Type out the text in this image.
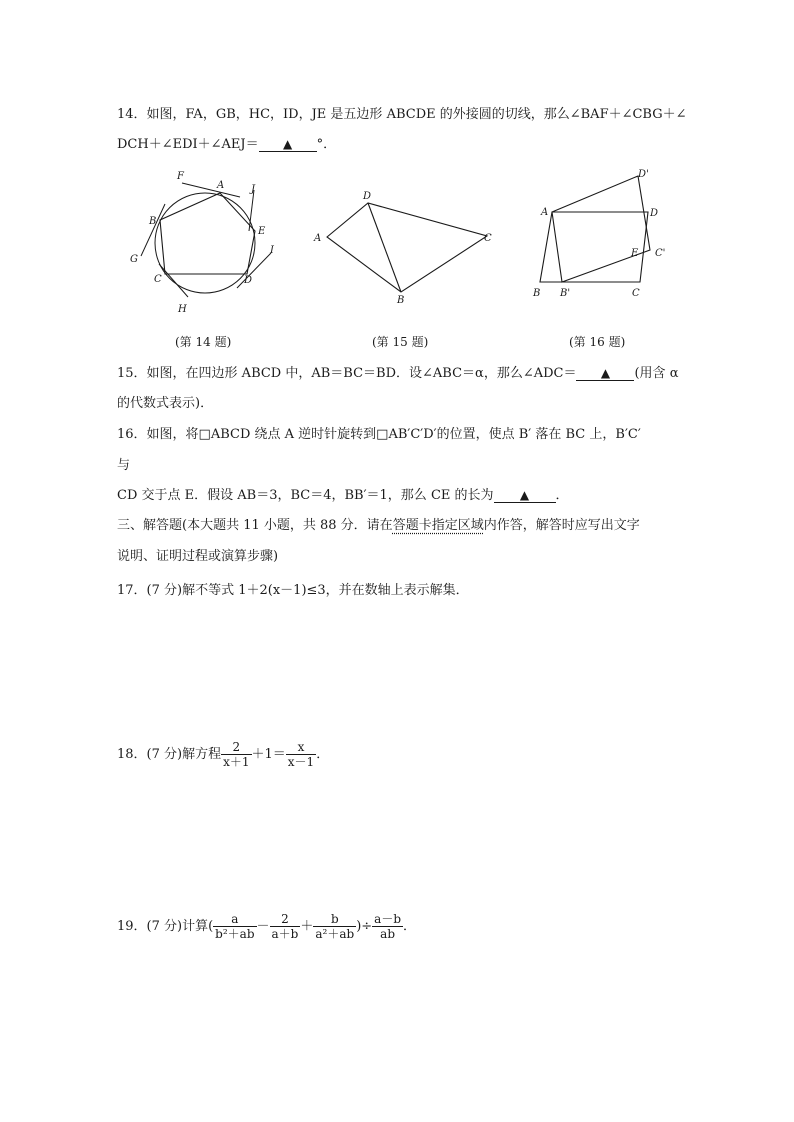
14．如图，FA，GB，HC，ID，JE 是五边形 ABCDE 的外接圆的切线，那么∠BAF＋∠CBG＋∠
DCH＋∠EDI＋∠AEJ＝ ▲ °．
F
A	J
B
E
I
G
C	D
H
D
A	C
B
D'
A	D
E C'
B B'	C
(第 14 题)	(第 15 题)	(第 16 题)
15．如图，在四边形 ABCD 中，AB＝BC＝BD．设∠ABC＝α，那么∠ADC＝ ▲ (用含 α
的代数式表示)．
16．如图，将□ABCD 绕点 A 逆时针旋转到□AB′C′D′的位置，使点 B′ 落在 BC 上，B′C′
与
CD 交于点 E．假设 AB＝3，BC＝4，BB′＝1，那么 CE 的长为 ▲ ．
三、解答题(本大题共 11 小题，共 88 分．请在答题卡指定区域内作答，解答时应写出文字
说明、证明过程或演算步骤)
17．(7 分)解不等式 1＋2(x－1)≤3，并在数轴上表示解集．
18．(7 分)解方程 $\frac{2}{x+1} +1= \frac{x}{x-1}$ ．
19．(7 分)计算( $\frac{a}{\text{b²＋ab}} - \frac{2}{a+b} + \frac{b}{\text{a²＋ab}}$ )÷ $\frac{a-b}{ab}$ ．
